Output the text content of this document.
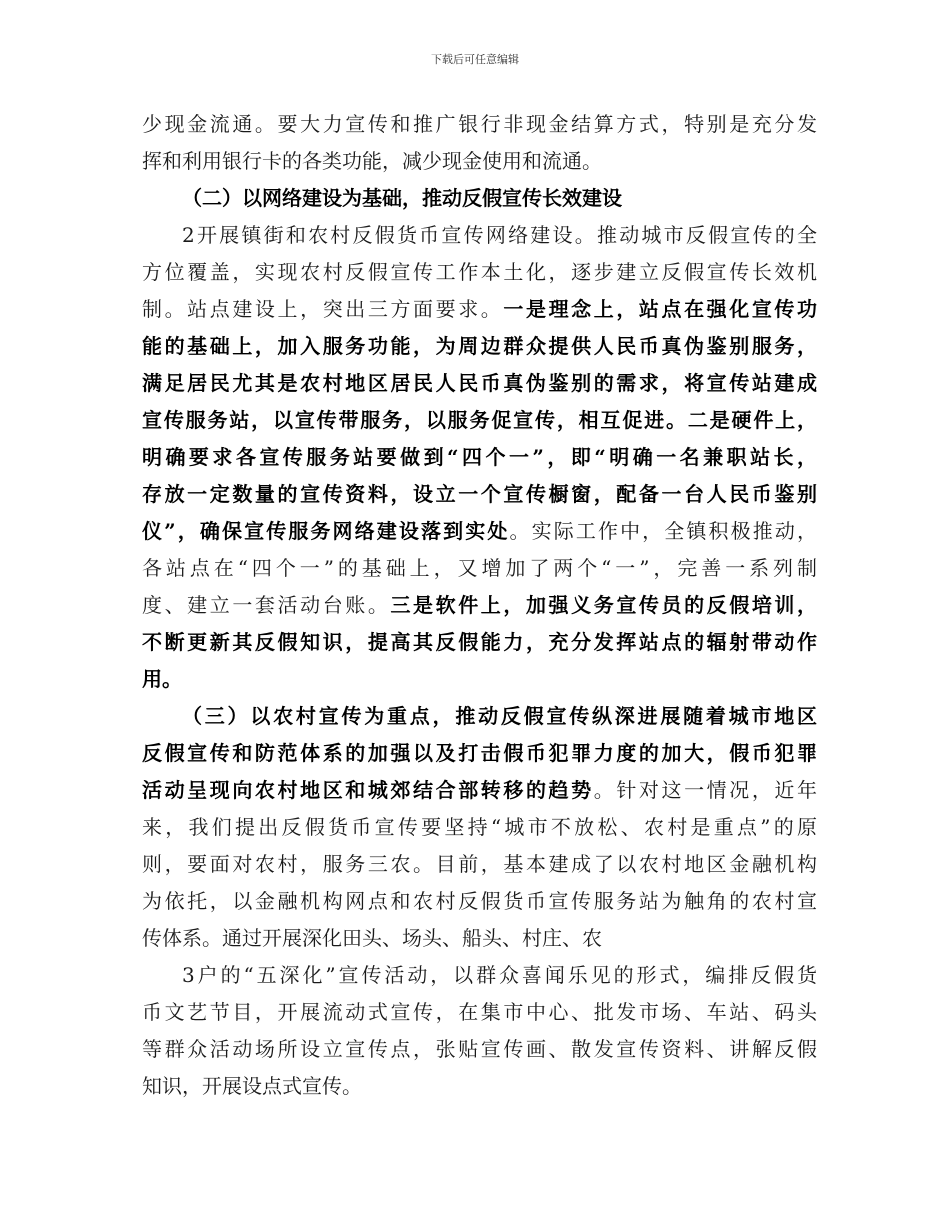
下载后可任意编辑
少现金流通。要大力宣传和推广银行非现金结算方式，特别是充分发
挥和利用银行卡的各类功能，减少现金使用和流通。
（二）以网络建设为基础，推动反假宣传长效建设
2开展镇街和农村反假货币宣传网络建设。推动城市反假宣传的全
方位覆盖，实现农村反假宣传工作本土化，逐步建立反假宣传长效机
制。站点建设上，突出三方面要求。一是理念上，站点在强化宣传功
能的基础上，加入服务功能，为周边群众提供人民币真伪鉴别服务，
满足居民尤其是农村地区居民人民币真伪鉴别的需求，将宣传站建成
宣传服务站，以宣传带服务，以服务促宣传，相互促进。二是硬件上，
明确要求各宣传服务站要做到“四个一”，即“明确一名兼职站长，
存放一定数量的宣传资料，设立一个宣传橱窗，配备一台人民币鉴别
仪”，确保宣传服务网络建设落到实处。实际工作中，全镇积极推动，
各站点在“四个一”的基础上，又增加了两个“一”，完善一系列制
度、建立一套活动台账。三是软件上，加强义务宣传员的反假培训，
不断更新其反假知识，提高其反假能力，充分发挥站点的辐射带动作
用。
（三）以农村宣传为重点，推动反假宣传纵深进展随着城市地区
反假宣传和防范体系的加强以及打击假币犯罪力度的加大，假币犯罪
活动呈现向农村地区和城郊结合部转移的趋势。针对这一情况，近年
来，我们提出反假货币宣传要坚持“城市不放松、农村是重点”的原
则，要面对农村，服务三农。目前，基本建成了以农村地区金融机构
为依托，以金融机构网点和农村反假货币宣传服务站为触角的农村宣
传体系。通过开展深化田头、场头、船头、村庄、农
3户的“五深化”宣传活动，以群众喜闻乐见的形式，编排反假货
币文艺节目，开展流动式宣传，在集市中心、批发市场、车站、码头
等群众活动场所设立宣传点，张贴宣传画、散发宣传资料、讲解反假
知识，开展设点式宣传。
